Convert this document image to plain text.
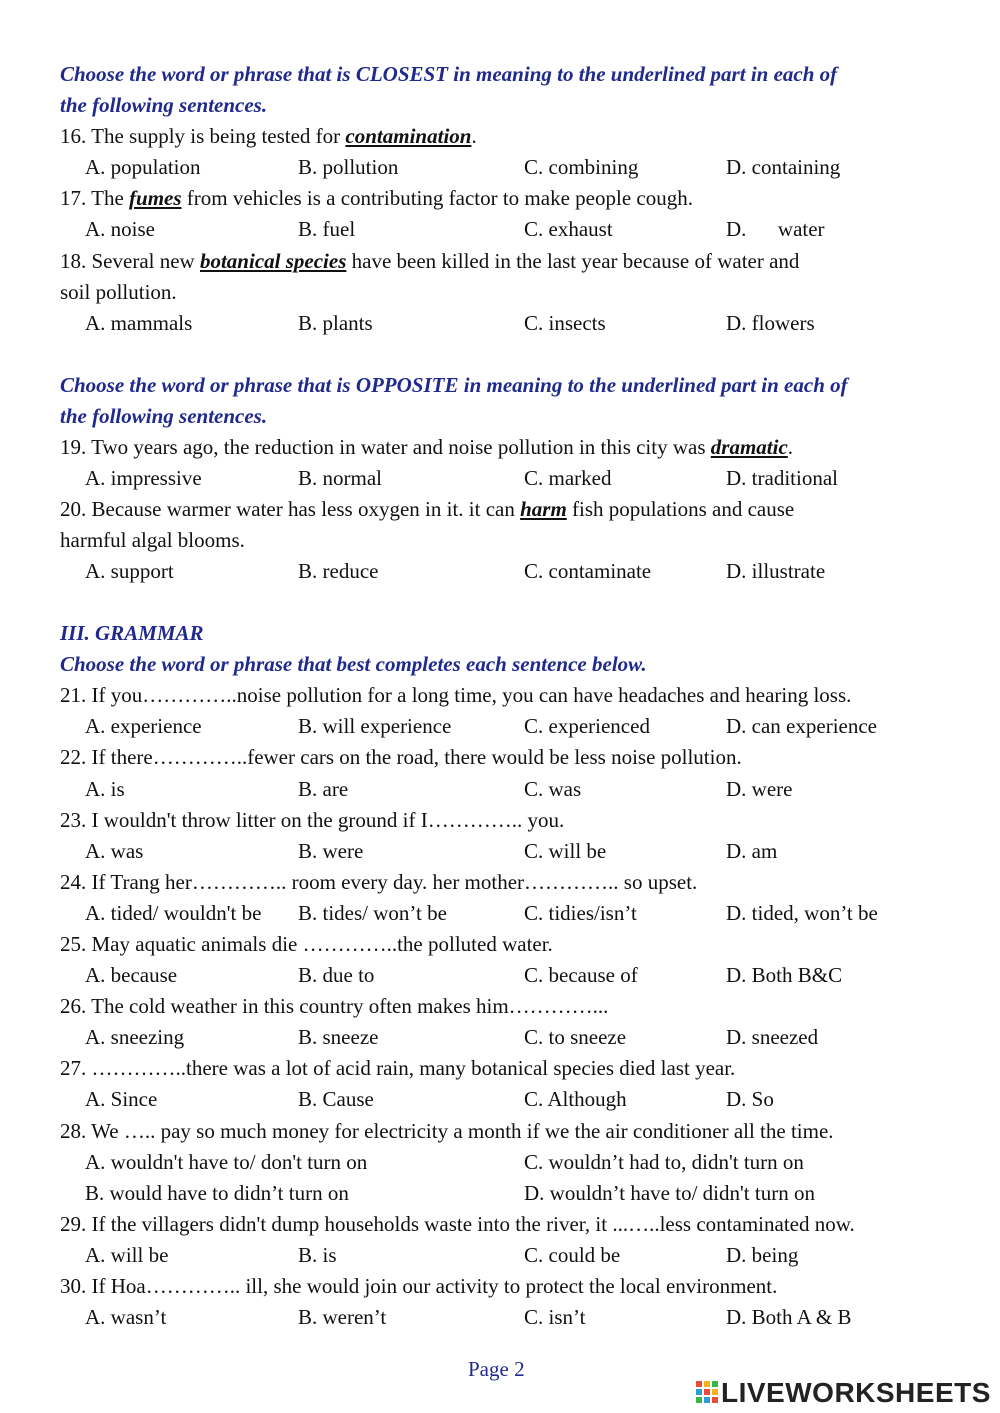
Choose the word or phrase that is CLOSEST in meaning to the underlined part in each of
the following sentences.
16. The supply is being tested for contamination.
A. population	B. pollution	C. combining	D. containing
17. The fumes from vehicles is a contributing factor to make people cough.
A. noise	B. fuel	C. exhaust	D.      water
18. Several new botanical species have been killed in the last year because of water and
soil pollution.
A. mammals	B. plants	C. insects	D. flowers
Choose the word or phrase that is OPPOSITE in meaning to the underlined part in each of
the following sentences.
19. Two years ago, the reduction in water and noise pollution in this city was dramatic.
A. impressive	B. normal	C. marked	D. traditional
20. Because warmer water has less oxygen in it. it can harm fish populations and cause
harmful algal blooms.
A. support	B. reduce	C. contaminate	D. illustrate
III. GRAMMAR
Choose the word or phrase that best completes each sentence below.
21. If you…………..noise pollution for a long time, you can have headaches and hearing loss.
A. experience	B. will experience	C. experienced	D. can experience
22. If there…………..fewer cars on the road, there would be less noise pollution.
A. is	B. are	C. was	D. were
23. I wouldn't throw litter on the ground if I………….. you.
A. was	B. were	C. will be	D. am
24. If Trang her………….. room every day. her mother………….. so upset.
A. tided/ wouldn't be B. tides/ won’t be	C. tidies/isn’t	D. tided, won’t be
25. May aquatic animals die …………..the polluted water.
A. because	B. due to	C. because of	D. Both B&C
26. The cold weather in this country often makes him…………...
A. sneezing	B. sneeze	C. to sneeze	D. sneezed
27. …………..there was a lot of acid rain, many botanical species died last year.
A. Since	B. Cause	C. Although	D. So
28. We ….. pay so much money for electricity a month if we the air conditioner all the time.
A. wouldn't have to/ don't turn on	C. wouldn’t had to, didn't turn on
B. would have to didn’t turn on	D. wouldn’t have to/ didn't turn on
29. If the villagers didn't dump households waste into the river, it ...…..less contaminated now.
A. will be	B. is	C. could be	D. being
30. If Hoa………….. ill, she would join our activity to protect the local environment.
A. wasn’t	B. weren’t	C. isn’t	D. Both A & B
Page 2
LIVEWORKSHEETS
